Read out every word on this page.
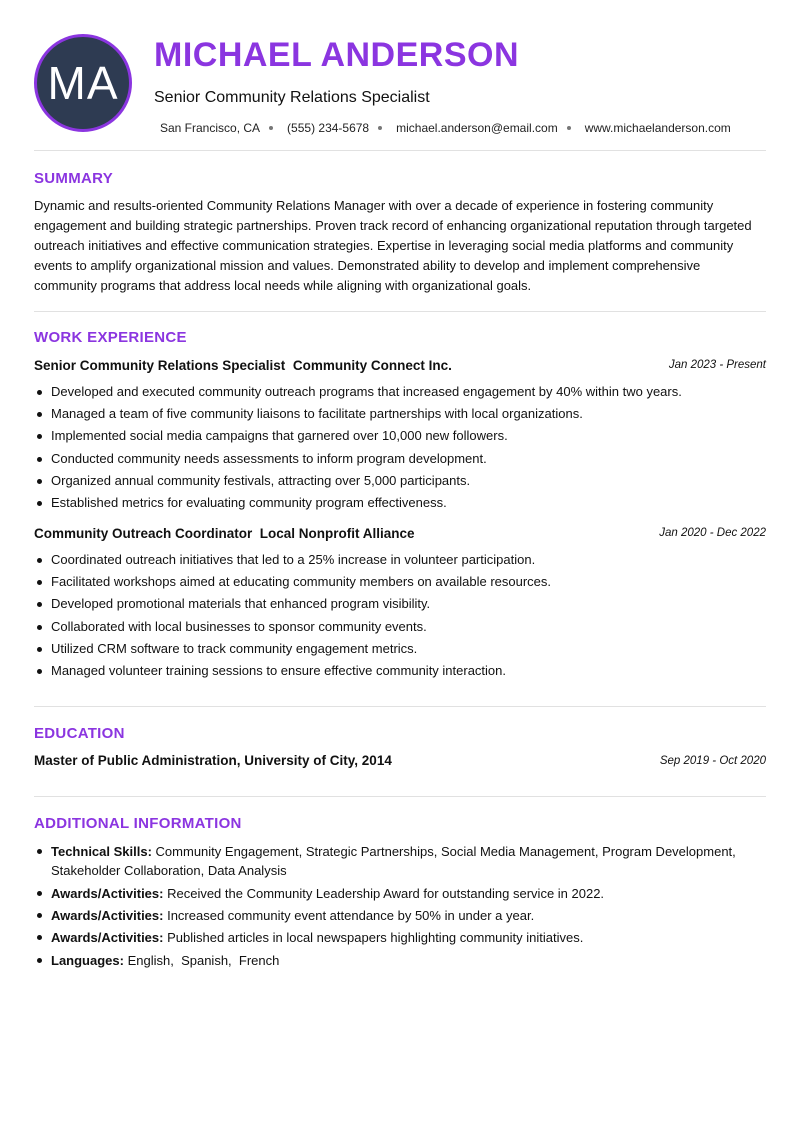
MA
MICHAEL ANDERSON
Senior Community Relations Specialist
San Francisco, CA (555) 234-5678 michael.anderson@email.com www.michaelanderson.com
SUMMARY
Dynamic and results-oriented Community Relations Manager with over a decade of experience in fostering community engagement and building strategic partnerships. Proven track record of enhancing organizational reputation through targeted outreach initiatives and effective communication strategies. Expertise in leveraging social media platforms and community events to amplify organizational mission and values. Demonstrated ability to develop and implement comprehensive community programs that address local needs while aligning with organizational goals.
WORK EXPERIENCE
Senior Community Relations Specialist Community Connect Inc.	Jan 2023 - Present
Developed and executed community outreach programs that increased engagement by 40% within two years.
Managed a team of five community liaisons to facilitate partnerships with local organizations.
Implemented social media campaigns that garnered over 10,000 new followers.
Conducted community needs assessments to inform program development.
Organized annual community festivals, attracting over 5,000 participants.
Established metrics for evaluating community program effectiveness.
Community Outreach Coordinator Local Nonprofit Alliance	Jan 2020 - Dec 2022
Coordinated outreach initiatives that led to a 25% increase in volunteer participation.
Facilitated workshops aimed at educating community members on available resources.
Developed promotional materials that enhanced program visibility.
Collaborated with local businesses to sponsor community events.
Utilized CRM software to track community engagement metrics.
Managed volunteer training sessions to ensure effective community interaction.
EDUCATION
Master of Public Administration, University of City, 2014	Sep 2019 - Oct 2020
ADDITIONAL INFORMATION
Technical Skills: Community Engagement, Strategic Partnerships, Social Media Management, Program Development, Stakeholder Collaboration, Data Analysis
Awards/Activities: Received the Community Leadership Award for outstanding service in 2022.
Awards/Activities: Increased community event attendance by 50% in under a year.
Awards/Activities: Published articles in local newspapers highlighting community initiatives.
Languages: English,  Spanish,  French
